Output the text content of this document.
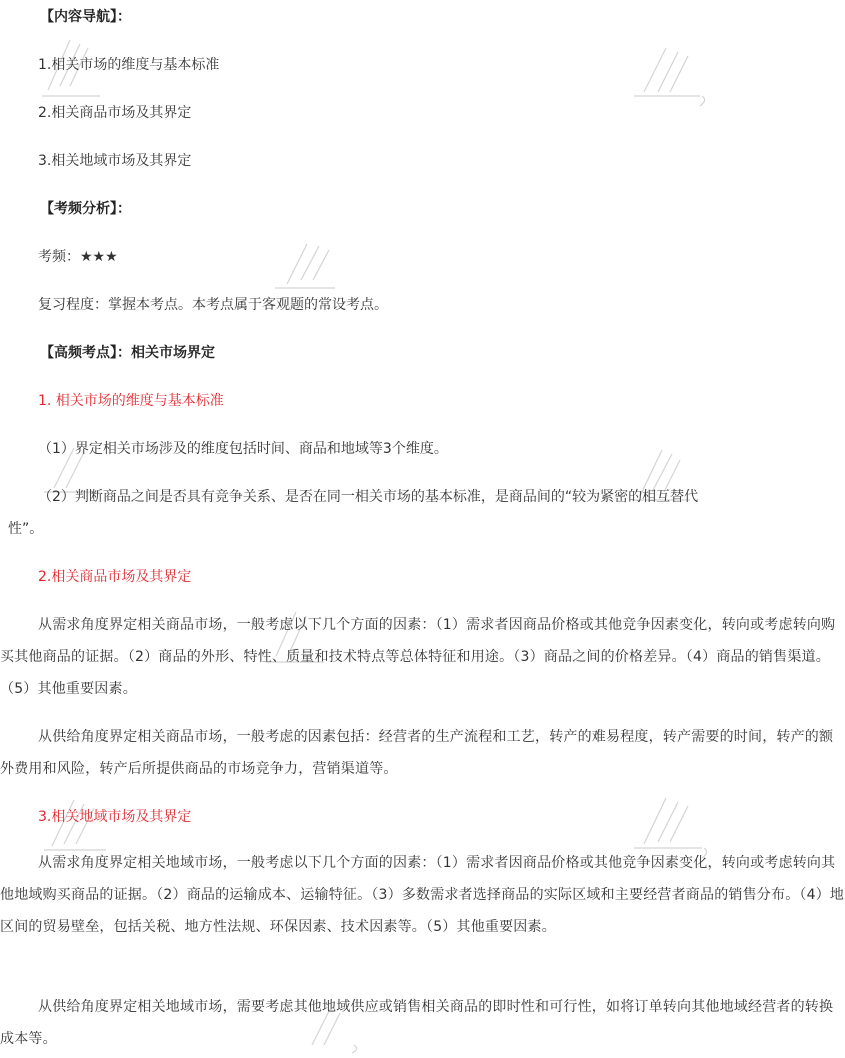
【内容导航】：
1.相关市场的维度与基本标准
2.相关商品市场及其界定
3.相关地域市场及其界定
【考频分析】：
考频：★★★
复习程度：掌握本考点。本考点属于客观题的常设考点。
【高频考点】：相关市场界定
1. 相关市场的维度与基本标准
（1）界定相关市场涉及的维度包括时间、商品和地域等3个维度。
（2）判断商品之间是否具有竞争关系、是否在同一相关市场的基本标准，是商品间的“较为紧密的相互替代
性”。
2.相关商品市场及其界定
从需求角度界定相关商品市场，一般考虑以下几个方面的因素：（1）需求者因商品价格或其他竞争因素变化，转向或考虑转向购买其他商品的证据。（2）商品的外形、特性、质量和技术特点等总体特征和用途。（3）商品之间的价格差异。（4）商品的销售渠道。（5）其他重要因素。
从供给角度界定相关商品市场，一般考虑的因素包括：经营者的生产流程和工艺，转产的难易程度，转产需要的时间，转产的额外费用和风险，转产后所提供商品的市场竞争力，营销渠道等。
3.相关地域市场及其界定
从需求角度界定相关地域市场，一般考虑以下几个方面的因素：（1）需求者因商品价格或其他竞争因素变化，转向或考虑转向其他地域购买商品的证据。（2）商品的运输成本、运输特征。（3）多数需求者选择商品的实际区域和主要经营者商品的销售分布。（4）地区间的贸易壁垒，包括关税、地方性法规、环保因素、技术因素等。（5）其他重要因素。
从供给角度界定相关地域市场，需要考虑其他地域供应或销售相关商品的即时性和可行性，如将订单转向其他地域经营者的转换成本等。
